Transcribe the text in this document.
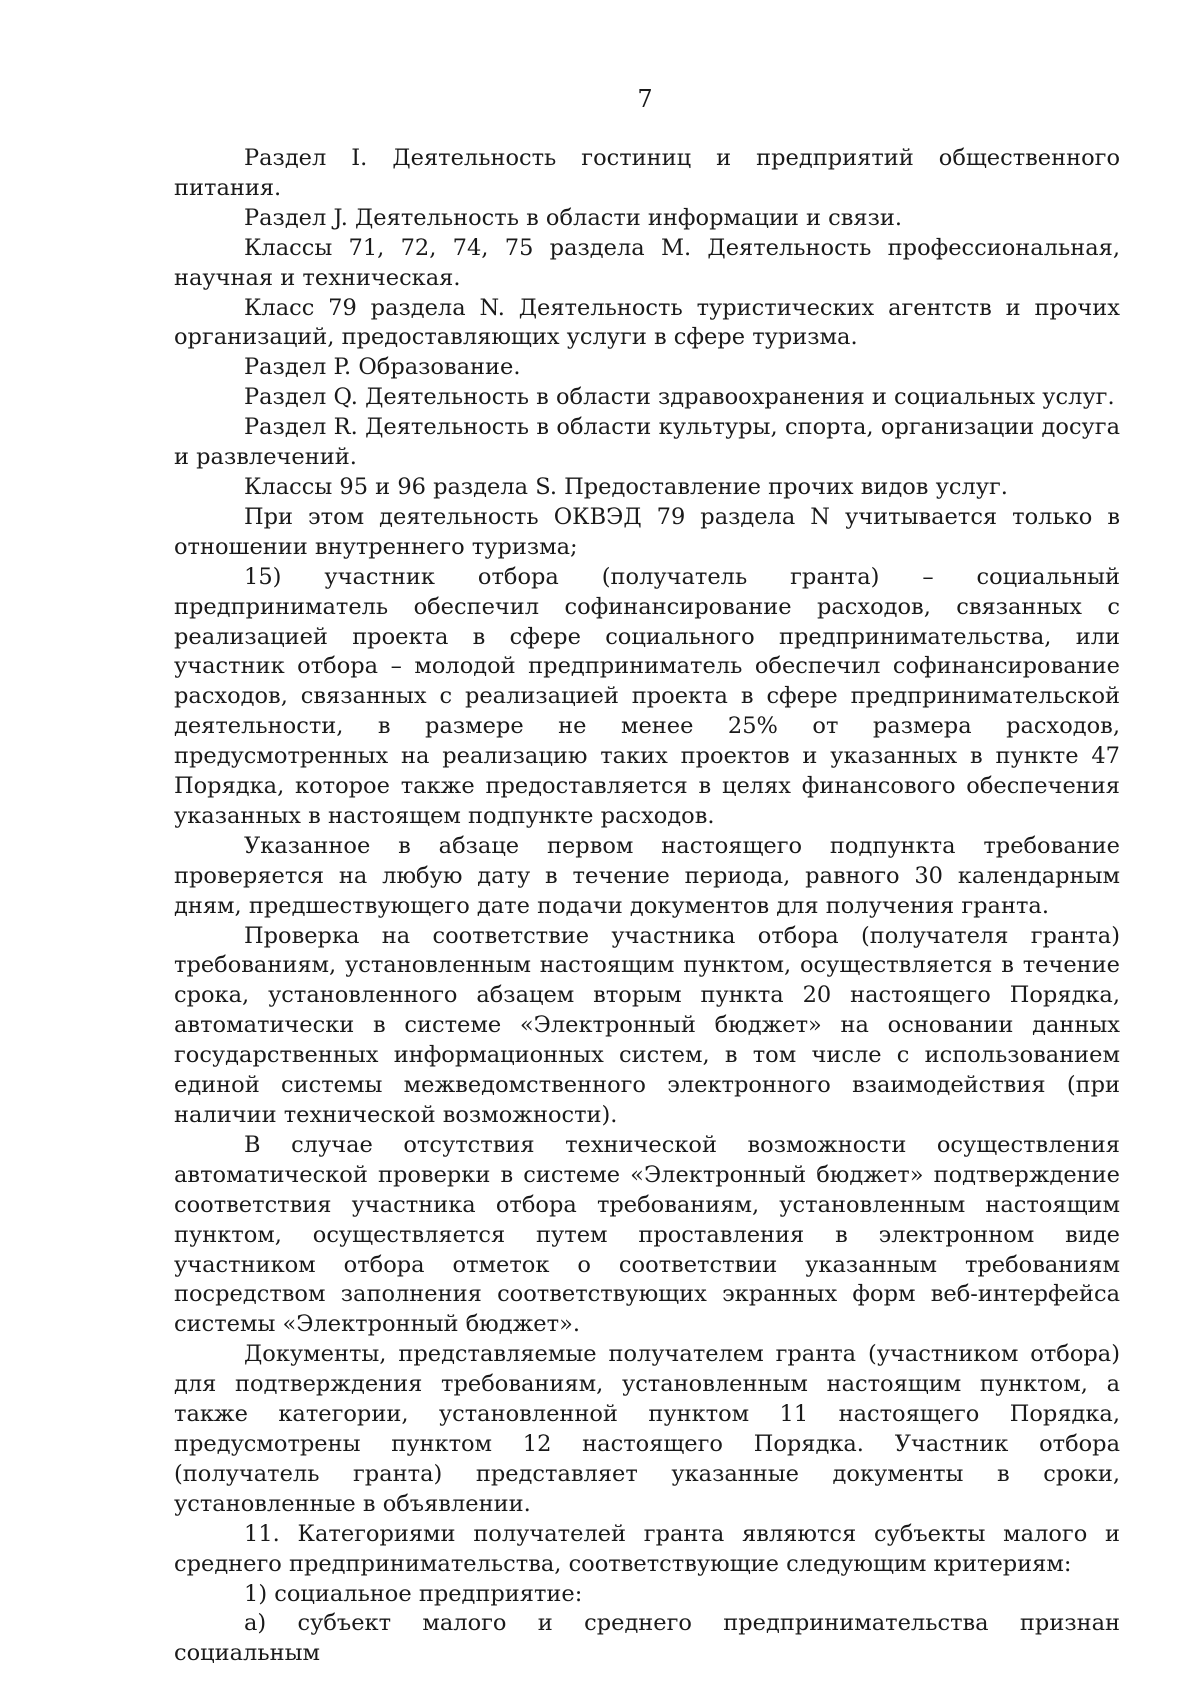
7

Раздел I. Деятельность гостиниц и предприятий общественного питания.

Раздел J. Деятельность в области информации и связи.

Классы 71, 72, 74, 75 раздела M. Деятельность профессиональная, научная и техническая.

Класс 79 раздела N. Деятельность туристических агентств и прочих организаций, предоставляющих услуги в сфере туризма.

Раздел P. Образование.

Раздел Q. Деятельность в области здравоохранения и социальных услуг.

Раздел R. Деятельность в области культуры, спорта, организации досуга и развлечений.

Классы 95 и 96 раздела S. Предоставление прочих видов услуг.

При этом деятельность ОКВЭД 79 раздела N учитывается только в отношении внутреннего туризма;

15) участник отбора (получатель гранта) – социальный предприниматель обеспечил софинансирование расходов, связанных с реализацией проекта в сфере социального предпринимательства, или участник отбора – молодой предприниматель обеспечил софинансирование расходов, связанных с реализацией проекта в сфере предпринимательской деятельности, в размере не менее 25% от размера расходов, предусмотренных на реализацию таких проектов и указанных в пункте 47 Порядка, которое также предоставляется в целях финансового обеспечения указанных в настоящем подпункте расходов.

Указанное в абзаце первом настоящего подпункта требование проверяется на любую дату в течение периода, равного 30 календарным дням, предшествующего дате подачи документов для получения гранта.

Проверка на соответствие участника отбора (получателя гранта) требованиям, установленным настоящим пунктом, осуществляется в течение срока, установленного абзацем вторым пункта 20 настоящего Порядка, автоматически в системе «Электронный бюджет» на основании данных государственных информационных систем, в том числе с использованием единой системы межведомственного электронного взаимодействия (при наличии технической возможности).

В случае отсутствия технической возможности осуществления автоматической проверки в системе «Электронный бюджет» подтверждение соответствия участника отбора требованиям, установленным настоящим пунктом, осуществляется путем проставления в электронном виде участником отбора отметок о соответствии указанным требованиям посредством заполнения соответствующих экранных форм веб-интерфейса системы «Электронный бюджет».

Документы, представляемые получателем гранта (участником отбора) для подтверждения требованиям, установленным настоящим пунктом, а также категории, установленной пунктом 11 настоящего Порядка, предусмотрены пунктом 12 настоящего Порядка. Участник отбора (получатель гранта) представляет указанные документы в сроки, установленные в объявлении.

11. Категориями получателей гранта являются субъекты малого и среднего предпринимательства, соответствующие следующим критериям:

1) социальное предприятие:

а) субъект малого и среднего предпринимательства признан социальным
